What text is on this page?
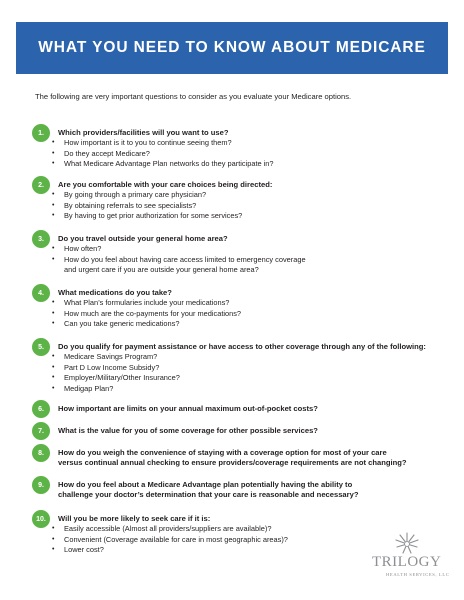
WHAT YOU NEED TO KNOW ABOUT MEDICARE
The following are very important questions to consider as you evaluate your Medicare options.
1.	Which providers/facilities will you want to use?
• How important is it to you to continue seeing them?
• Do they accept Medicare?
• What Medicare Advantage Plan networks do they participate in?
2.	Are you comfortable with your care choices being directed:
• By going through a primary care physician?
• By obtaining referrals to see specialists?
• By having to get prior authorization for some services?
3.	Do you travel outside your general home area?
• How often?
• How do you feel about having care access limited to emergency coverage
and urgent care if you are outside your general home area?
4.	What medications do you take?
• What Plan’s formularies include your medications?
• How much are the co-payments for your medications?
• Can you take generic medications?
5.	Do you qualify for payment assistance or have access to other coverage through any of the following:
• Medicare Savings Program?
• Part D Low Income Subsidy?
• Employer/Military/Other Insurance?
• Medigap Plan?
6.	How important are limits on your annual maximum out-of-pocket costs?
7.	What is the value for you of some coverage for other possible services?
8.	How do you weigh the convenience of staying with a coverage option for most of your care
versus continual annual checking to ensure providers/coverage requirements are not changing?
9.	How do you feel about a Medicare Advantage plan potentially having the ability to
challenge your doctor’s determination that your care is reasonable and necessary?
10.	Will you be more likely to seek care if it is:
• Easily accessible (Almost all providers/suppliers are available)?
• Convenient (Coverage available for care in most geographic areas)?
• Lower cost?
TRILOGY
HEALTH SERVICES, LLC
